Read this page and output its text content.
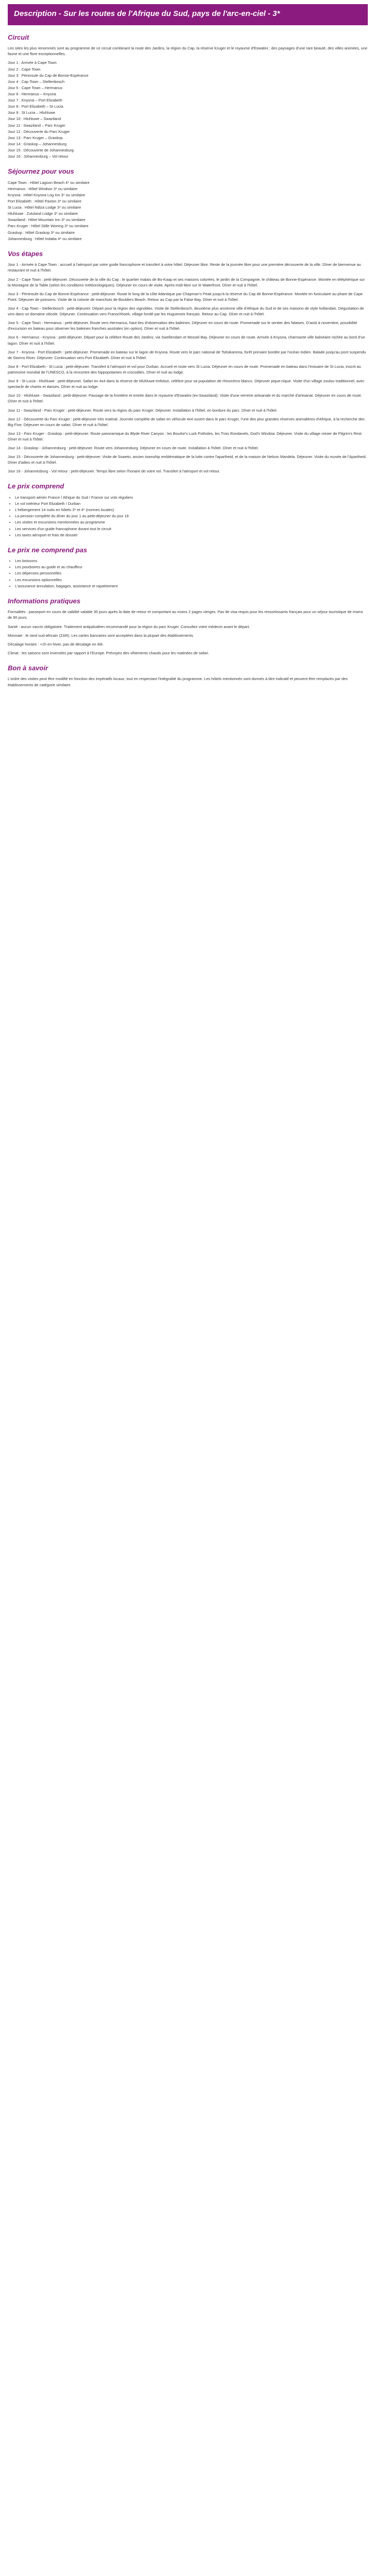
Description - Sur les routes de l'Afrique du Sud, pays de l'arc-en-ciel - 3*
Circuit

Les sites les plus renommés sont au programme de ce circuit combinant la route des Jardins, la région du Cap, la réserve Kruger et le royaume d'Eswatini ; des paysages d'une rare beauté, des villes animées, une faune et une flore exceptionnelles.

Jour 1 : Arrivée à Cape Town
Jour 2 : Cape Town
Jour 3 : Péninsule du Cap de Bonne-Espérance
Jour 4 : Cap Town – Stellenbosch
Jour 5 : Cape Town – Hermanus
Jour 6 : Hermanus – Knysna
Jour 7 : Knysna – Port Elizabeth
Jour 8 : Port Elizabeth – St Lucia
Jour 9 : St Lucia – Hluhluwe
Jour 10 : Hluhluwe – Swaziland
Jour 11 : Swaziland – Parc Kruger
Jour 12 : Découverte du Parc Kruger
Jour 13 : Parc Kruger – Graskop
Jour 14 : Graskop – Johannesburg
Jour 15 : Découverte de Johannesburg
Jour 16 : Johannesburg – Vol retour
Séjournez pour vous
Cape Town : Hôtel Lagoon Beach 4* ou similaire
Hermanus : Hôtel Windsor 3* ou similaire
Knysna : Hôtel Knysna Log Inn 3* ou similaire
Port Elizabeth : Hôtel Paxton 3* ou similaire
St Lucia : Hôtel Ndiza Lodge 3* ou similaire
Hluhluwe : Zululand Lodge 3* ou similaire
Swaziland : Hôtel Mountain Inn 3* ou similaire
Parc Kruger : Hôtel Stille Woning 3* ou similaire
Graskop : Hôtel Graskop 3* ou similaire
Johannesburg : Hôtel Indaba 4* ou similaire
Vos étapes

Jour 1 - Arrivée à Cape Town : accueil à l'aéroport par votre guide francophone et transfert à votre hôtel. Déjeuner libre. Reste de la journée libre pour une première découverte de la ville. Dîner de bienvenue au restaurant et nuit à l'hôtel.

Jour 2 - Cape Town : petit-déjeuner. Découverte de la ville du Cap : le quartier malais de Bo-Kaap et ses maisons colorées, le jardin de la Compagnie, le château de Bonne-Espérance. Montée en téléphérique sur la Montagne de la Table (selon les conditions météorologiques). Déjeuner en cours de visite. Après-midi libre sur le Waterfront. Dîner et nuit à l'hôtel.

Jour 3 - Péninsule du Cap de Bonne-Espérance : petit-déjeuner. Route le long de la côte Atlantique par Chapman's Peak jusqu'à la réserve du Cap de Bonne-Espérance. Montée en funiculaire au phare de Cape Point. Déjeuner de poissons. Visite de la colonie de manchots de Boulders Beach. Retour au Cap par la False Bay. Dîner et nuit à l'hôtel.

Jour 4 - Cap Town - Stellenbosch : petit-déjeuner. Départ pour la région des vignobles. Visite de Stellenbosch, deuxième plus ancienne ville d'Afrique du Sud et de ses maisons de style hollandais. Dégustation de vins dans un domaine viticole. Déjeuner. Continuation vers Franschhoek, village fondé par les Huguenots français. Retour au Cap. Dîner et nuit à l'hôtel.

Jour 5 - Cape Town - Hermanus : petit-déjeuner. Route vers Hermanus, haut lieu d'observation des baleines. Déjeuner en cours de route. Promenade sur le sentier des falaises. D'août à novembre, possibilité d'excursion en bateau pour observer les baleines franches australes (en option). Dîner et nuit à l'hôtel.

Jour 6 - Hermanus - Knysna : petit-déjeuner. Départ pour la célèbre Route des Jardins, via Swellendam et Mossel Bay. Déjeuner en cours de route. Arrivée à Knysna, charmante ville balnéaire nichée au bord d'un lagon. Dîner et nuit à l'hôtel.

Jour 7 - Knysna - Port Elizabeth : petit-déjeuner. Promenade en bateau sur le lagon de Knysna. Route vers le parc national de Tsitsikamma, forêt primaire bordée par l'océan Indien. Balade jusqu'au pont suspendu de Storms River. Déjeuner. Continuation vers Port Elizabeth. Dîner et nuit à l'hôtel.

Jour 8 - Port Elizabeth - St Lucia : petit-déjeuner. Transfert à l'aéroport et vol pour Durban. Accueil et route vers St Lucia. Déjeuner en cours de route. Promenade en bateau dans l'estuaire de St Lucia, inscrit au patrimoine mondial de l'UNESCO, à la rencontre des hippopotames et crocodiles. Dîner et nuit au lodge.

Jour 9 - St Lucia - Hluhluwe : petit-déjeuner. Safari en 4x4 dans la réserve de Hluhluwe-Imfolozi, célèbre pour sa population de rhinocéros blancs. Déjeuner pique-nique. Visite d'un village zoulou traditionnel, avec spectacle de chants et danses. Dîner et nuit au lodge.

Jour 10 - Hluhluwe - Swaziland : petit-déjeuner. Passage de la frontière et entrée dans le royaume d'Eswatini (ex-Swaziland). Visite d'une verrerie artisanale et du marché d'artisanat. Déjeuner en cours de route. Dîner et nuit à l'hôtel.

Jour 11 - Swaziland - Parc Kruger : petit-déjeuner. Route vers la région du parc Kruger. Déjeuner. Installation à l'hôtel, en bordure du parc. Dîner et nuit à l'hôtel.

Jour 12 - Découverte du Parc Kruger : petit-déjeuner très matinal. Journée complète de safari en véhicule 4x4 ouvert dans le parc Kruger, l'une des plus grandes réserves animalières d'Afrique, à la recherche des Big Five. Déjeuner en cours de safari. Dîner et nuit à l'hôtel.

Jour 13 - Parc Kruger - Graskop : petit-déjeuner. Route panoramique du Blyde River Canyon : les Bourke's Luck Potholes, les Trois Rondavels, God's Window. Déjeuner. Visite du village minier de Pilgrim's Rest. Dîner et nuit à l'hôtel.

Jour 14 - Graskop - Johannesburg : petit-déjeuner. Route vers Johannesburg. Déjeuner en cours de route. Installation à l'hôtel. Dîner et nuit à l'hôtel.

Jour 15 - Découverte de Johannesburg : petit-déjeuner. Visite de Soweto, ancien township emblématique de la lutte contre l'apartheid, et de la maison de Nelson Mandela. Déjeuner. Visite du musée de l'Apartheid. Dîner d'adieu et nuit à l'hôtel.

Jour 16 - Johannesburg - Vol retour : petit-déjeuner. Temps libre selon l'horaire de votre vol. Transfert à l'aéroport et vol retour.

Le prix comprend
• Le transport aérien France / Afrique du Sud / France sur vols réguliers
• Le vol intérieur Port Elizabeth / Durban
• L'hébergement 14 nuits en hôtels 3* et 4* (normes locales)
• La pension complète du dîner du jour 1 au petit-déjeuner du jour 16
• Les visites et excursions mentionnées au programme
• Les services d'un guide francophone durant tout le circuit
• Les taxes aéroport et frais de dossier
Le prix ne comprend pas
• Les boissons
• Les pourboires au guide et au chauffeur
• Les dépenses personnelles
• Les excursions optionnelles
• L'assurance annulation, bagages, assistance et rapatriement
Informations pratiques

Formalités : passeport en cours de validité valable 30 jours après la date de retour et comportant au moins 2 pages vierges. Pas de visa requis pour les ressortissants français pour un séjour touristique de moins de 90 jours.

Santé : aucun vaccin obligatoire. Traitement antipaludéen recommandé pour la région du parc Kruger. Consultez votre médecin avant le départ.

Monnaie : le rand sud-africain (ZAR). Les cartes bancaires sont acceptées dans la plupart des établissements.

Décalage horaire : +1h en hiver, pas de décalage en été.

Climat : les saisons sont inversées par rapport à l'Europe. Prévoyez des vêtements chauds pour les matinées de safari.

Bon à savoir

L'ordre des visites peut être modifié en fonction des impératifs locaux, tout en respectant l'intégralité du programme. Les hôtels mentionnés sont donnés à titre indicatif et peuvent être remplacés par des établissements de catégorie similaire.
